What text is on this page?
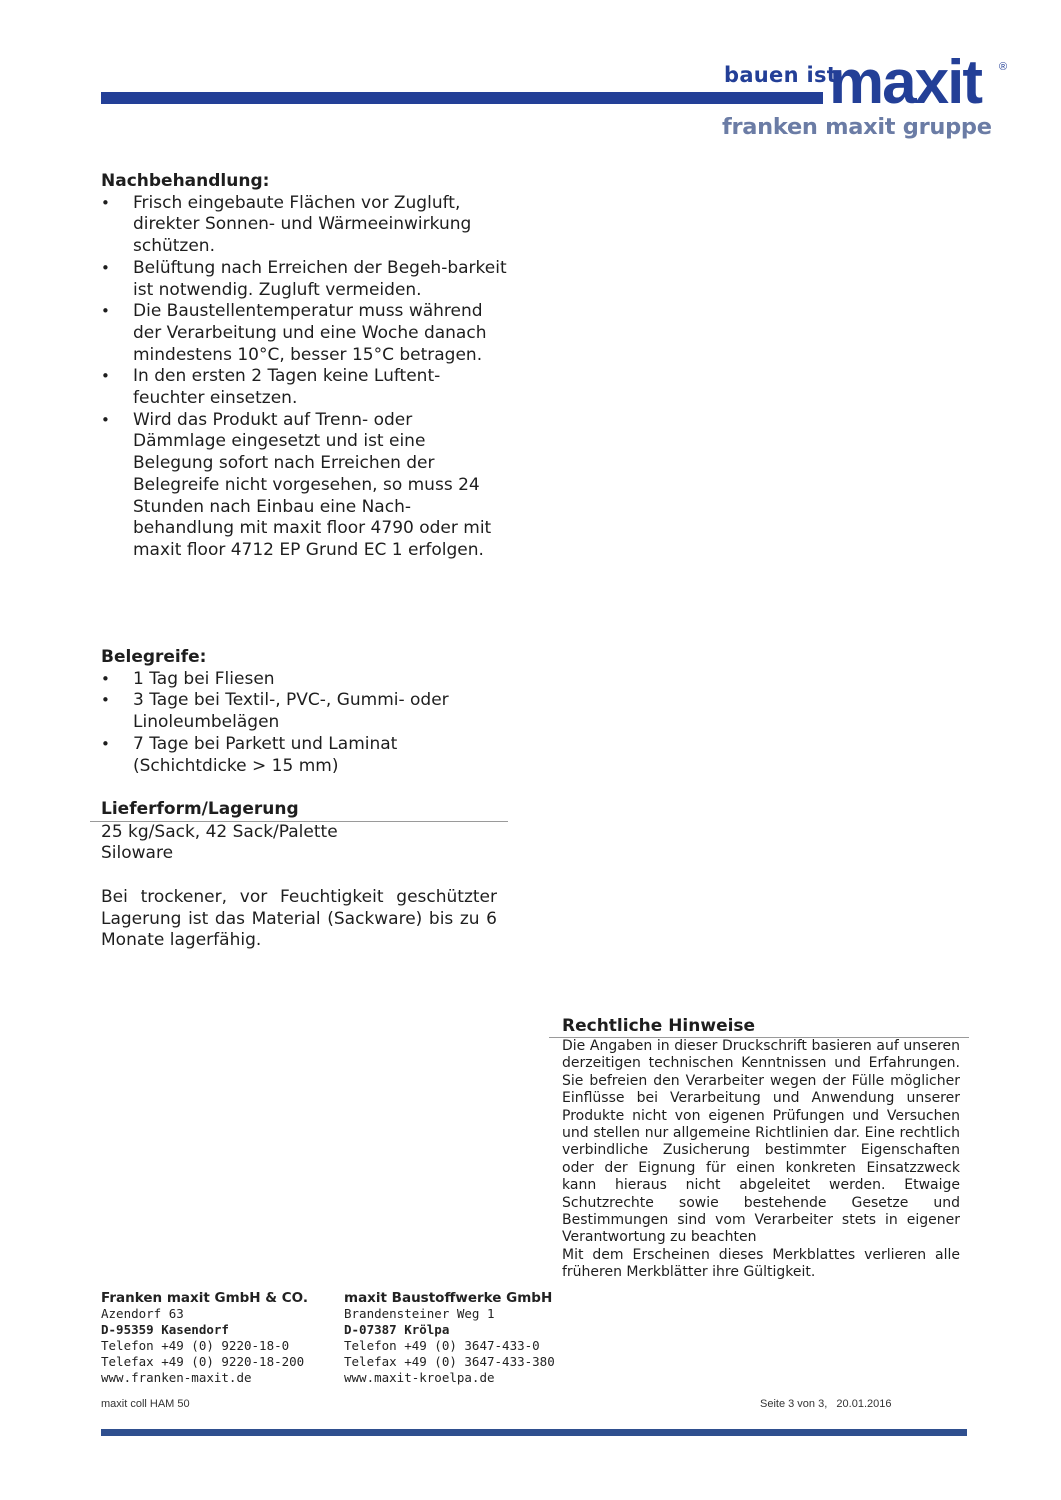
bauen ist
maxit ®
franken maxit gruppe
Nachbehandlung:
• Frisch eingebaute Flächen vor Zugluft, direkter Sonnen- und Wärmeeinwirkung schützen.
• Belüftung nach Erreichen der Begeh-barkeit ist notwendig. Zugluft vermeiden.
• Die Baustellentemperatur muss während der Verarbeitung und eine Woche danach mindestens 10°C, besser 15°C betragen.
• In den ersten 2 Tagen keine Luftent-feuchter einsetzen.
• Wird das Produkt auf Trenn- oder Dämmlage eingesetzt und ist eine Belegung sofort nach Erreichen der Belegreife nicht vorgesehen, so muss 24 Stunden nach Einbau eine Nach-behandlung mit maxit floor 4790 oder mit maxit floor 4712 EP Grund EC 1 erfolgen.
Belegreife:
• 1 Tag bei Fliesen
• 3 Tage bei Textil-, PVC-, Gummi- oder Linoleumbelägen
• 7 Tage bei Parkett und Laminat (Schichtdicke > 15 mm)
Lieferform/Lagerung

25 kg/Sack, 42 Sack/Palette

Siloware

Bei trockener, vor Feuchtigkeit geschützter Lagerung ist das Material (Sackware) bis zu 6 Monate lagerfähig.

Rechtliche Hinweise

Die Angaben in dieser Druckschrift basieren auf unseren derzeitigen technischen Kenntnissen und Erfahrungen. Sie befreien den Verarbeiter wegen der Fülle möglicher Einflüsse bei Verarbeitung und Anwendung unserer Produkte nicht von eigenen Prüfungen und Versuchen und stellen nur allgemeine Richtlinien dar. Eine rechtlich verbindliche Zusicherung bestimmter Eigenschaften oder der Eignung für einen konkreten Einsatzzweck kann hieraus nicht abgeleitet werden. Etwaige Schutzrechte sowie bestehende Gesetze und Bestimmungen sind vom Verarbeiter stets in eigener Verantwortung zu beachten

Mit dem Erscheinen dieses Merkblattes verlieren alle früheren Merkblätter ihre Gültigkeit.

Franken maxit GmbH & CO.
Azendorf 63
D-95359 Kasendorf
Telefon +49 (0) 9220-18-0
Telefax +49 (0) 9220-18-200
www.franken-maxit.de
maxit Baustoffwerke GmbH
Brandensteiner Weg 1
D-07387 Krölpa
Telefon +49 (0) 3647-433-0
Telefax +49 (0) 3647-433-380
www.maxit-kroelpa.de
maxit coll HAM 50	Seite 3 von 3,   20.01.2016
